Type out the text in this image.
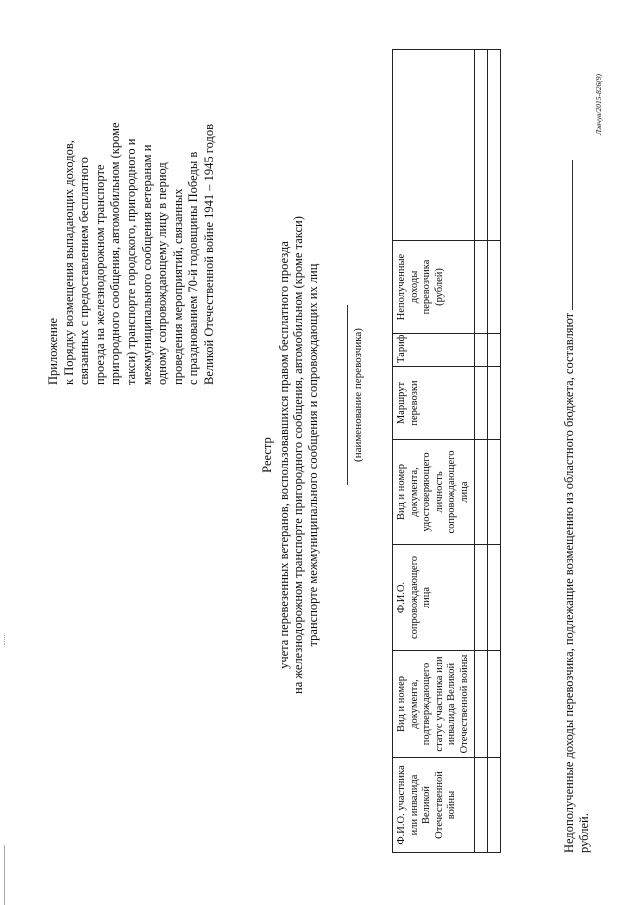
Приложение к Порядку возмещения выпадающих доходов, связанных с предоставлением бесплатного проезда на железнодорожном транспорте пригородного сообщения, автомобильном (кроме такси) транспорте городского, пригородного и межмуниципального сообщения ветеранам и одному сопровождающему лицу в период проведения мероприятий, связанных с празднованием 70-й годовщины Победы в Великой Отечественной войне 1941 – 1945 годов
Реестр учета перевезенных ветеранов, воспользовавшихся правом бесплатного проезда на железнодорожном транспорте пригородного сообщения, автомобильном (кроме такси) транспорте межмуниципального сообщения и сопровождающих их лиц	(наименование перевозчика)
Ф.И.О. участника или инвалида Великой Отечественной войны	Вид и номер документа, подтверждающего статус участника или инвалида Великой Отечественной войны	Ф.И.О. сопровождающего лица	Вид и номер документа, удостоверяющего личность сопровождающего лица	Маршрут перевозки	Тариф	Неполученные доходы перевозчика (рублей)	

Недополученные доходы перевозчика, подлежащие возмещению из областного бюджета, составляют
рублей.
Лзвчув/2015-826(9)
